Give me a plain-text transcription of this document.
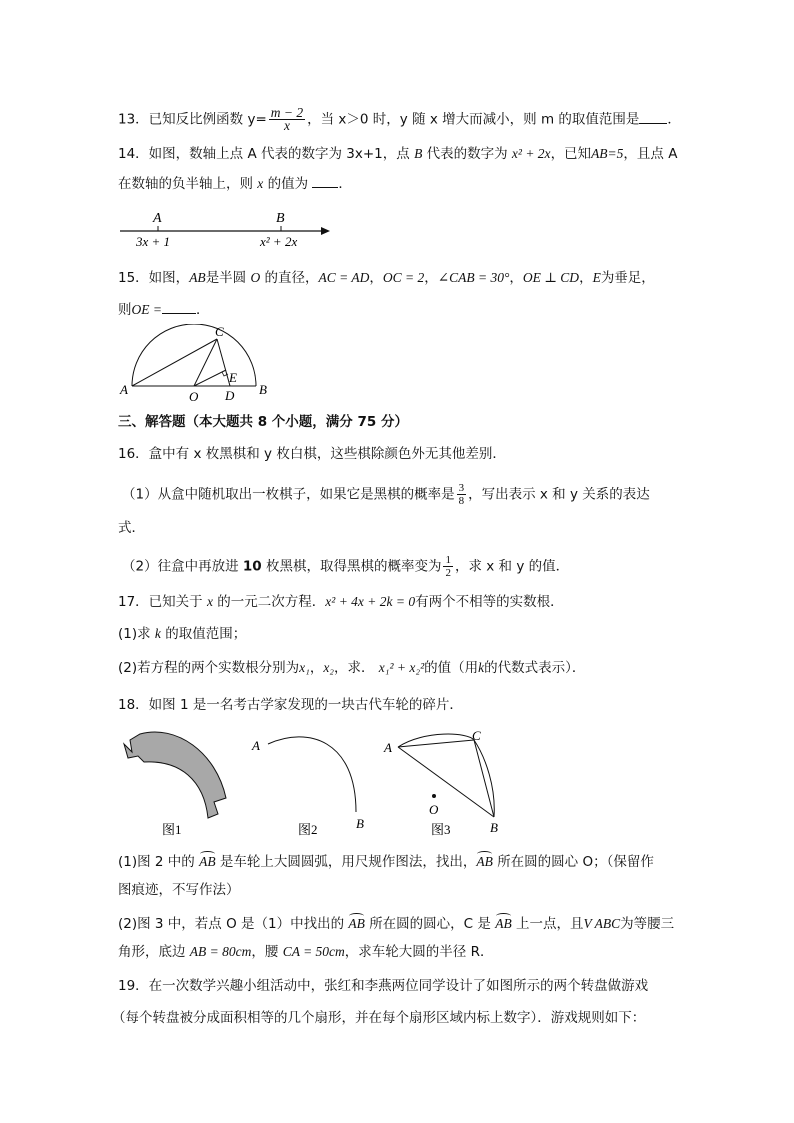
13．已知反比例函数 $y= \frac{m - 2}{x}$ ，当 x＞0 时，y 随 x 增大而减小，则 m 的取值范围是 ．
14．如图，数轴上点 A 代表的数字为 3x+1，点 B 代表的数字为 x² + 2x，已知AB=5，且点 A
在数轴的负半轴上，则 x 的值为 ．
A	B
3x + 1	x² + 2x
15．如图，AB是半圆 O 的直径，AC = AD，OC = 2，∠CAB = 30°，OE ⊥ CD，E为垂足，
则OE =	．
A	B
C
D
E
O
三、解答题（本大题共 8 个小题，满分 75 分）
16．盒中有 x 枚黑棋和 y 枚白棋，这些棋除颜色外无其他差别．
（1）从盒中随机取出一枚棋子，如果它是黑棋的概率是 $\frac{3}{8}$ ，写出表示 x 和 y 关系的表达
式．
（2）往盒中再放进 10 枚黑棋，取得黑棋的概率变为 $\frac{1}{2}$ ，求 x 和 y 的值．
17．已知关于 x 的一元二次方程．x² + 4x + 2k = 0有两个不相等的实数根．
(1)求 k 的取值范围；
(2)若方程的两个实数根分别为x₁，x₂，求． x₁² + x₂²的值（用k的代数式表示）．
18．如图 1 是一名考古学家发现的一块古代车轮的碎片．
图1
A
B
图2
A
C
B
O
图3
(1)图 2 中的 AB 是车轮上大圆圆弧，用尺规作图法，找出，AB 所在圆的圆心 O；（保留作
图痕迹，不写作法）
(2)图 3 中，若点 O 是（1）中找出的 AB 所在圆的圆心，C 是 AB 上一点，且V ABC为等腰三
角形，底边 AB = 80cm，腰 CA = 50cm，求车轮大圆的半径 R．
19．在一次数学兴趣小组活动中，张红和李燕两位同学设计了如图所示的两个转盘做游戏
（每个转盘被分成面积相等的几个扇形，并在每个扇形区域内标上数字）．游戏规则如下：
